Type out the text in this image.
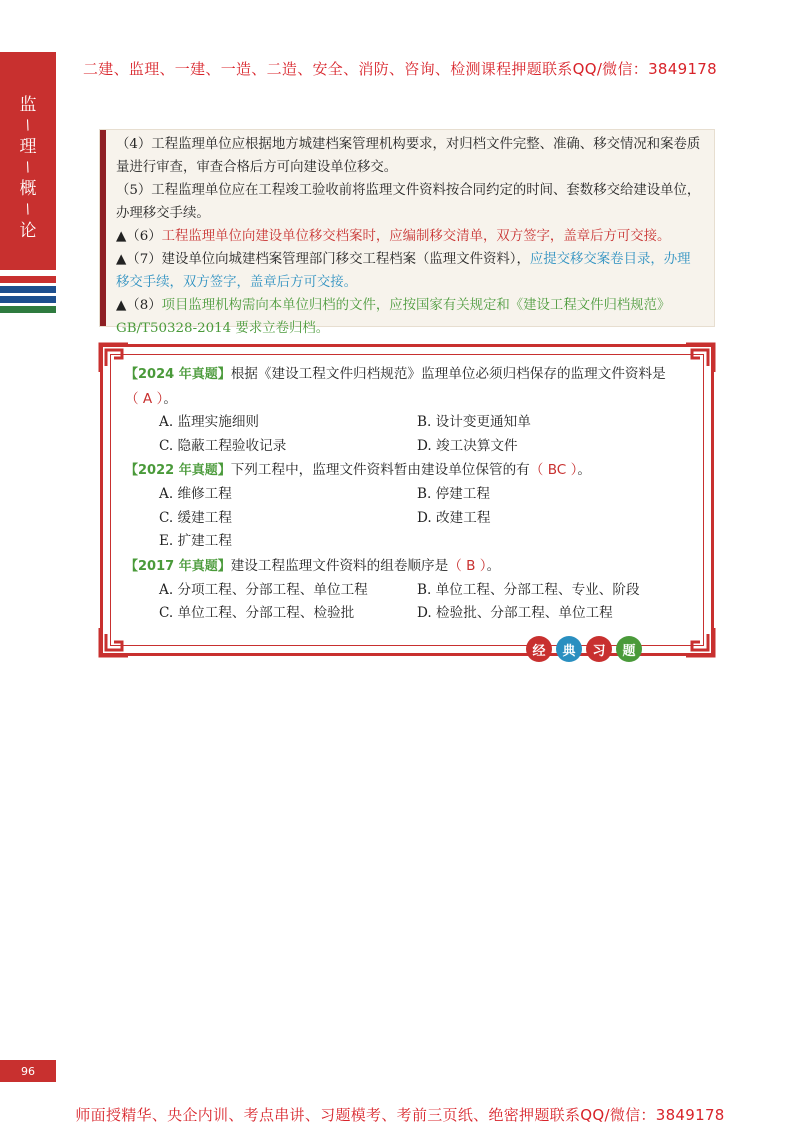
二建、监理、一建、一造、二造、安全、消防、咨询、检测课程押题联系QQ/微信：3849178
监
/
理
/
概
/
论

（4）工程监理单位应根据地方城建档案管理机构要求，对归档文件完整、准确、移交情况和案卷质量进行审查，审查合格后方可向建设单位移交。

（5）工程监理单位应在工程竣工验收前将监理文件资料按合同约定的时间、套数移交给建设单位，办理移交手续。

▲（6）工程监理单位向建设单位移交档案时，应编制移交清单，双方签字，盖章后方可交接。

▲（7）建设单位向城建档案管理部门移交工程档案（监理文件资料），应提交移交案卷目录，办理移交手续，双方签字，盖章后方可交接。

▲（8）项目监理机构需向本单位归档的文件，应按国家有关规定和《建设工程文件归档规范》GB/T50328-2014 要求立卷归档。

【2024 年真题】根据《建设工程文件归档规范》监理单位必须归档保存的监理文件资料是
（ A ）。
A. 监理实施细则	B. 设计变更通知单
C. 隐蔽工程验收记录	D. 竣工决算文件
【2022 年真题】下列工程中，监理文件资料暂由建设单位保管的有（ BC ）。
A. 维修工程	B. 停建工程
C. 缓建工程	D. 改建工程
E. 扩建工程
【2017 年真题】建设工程监理文件资料的组卷顺序是（ B ）。
A. 分项工程、分部工程、单位工程	B. 单位工程、分部工程、专业、阶段
C. 单位工程、分部工程、检验批	D. 检验批、分部工程、单位工程
经	典	习	题
96
师面授精华、央企内训、考点串讲、习题模考、考前三页纸、绝密押题联系QQ/微信：3849178
